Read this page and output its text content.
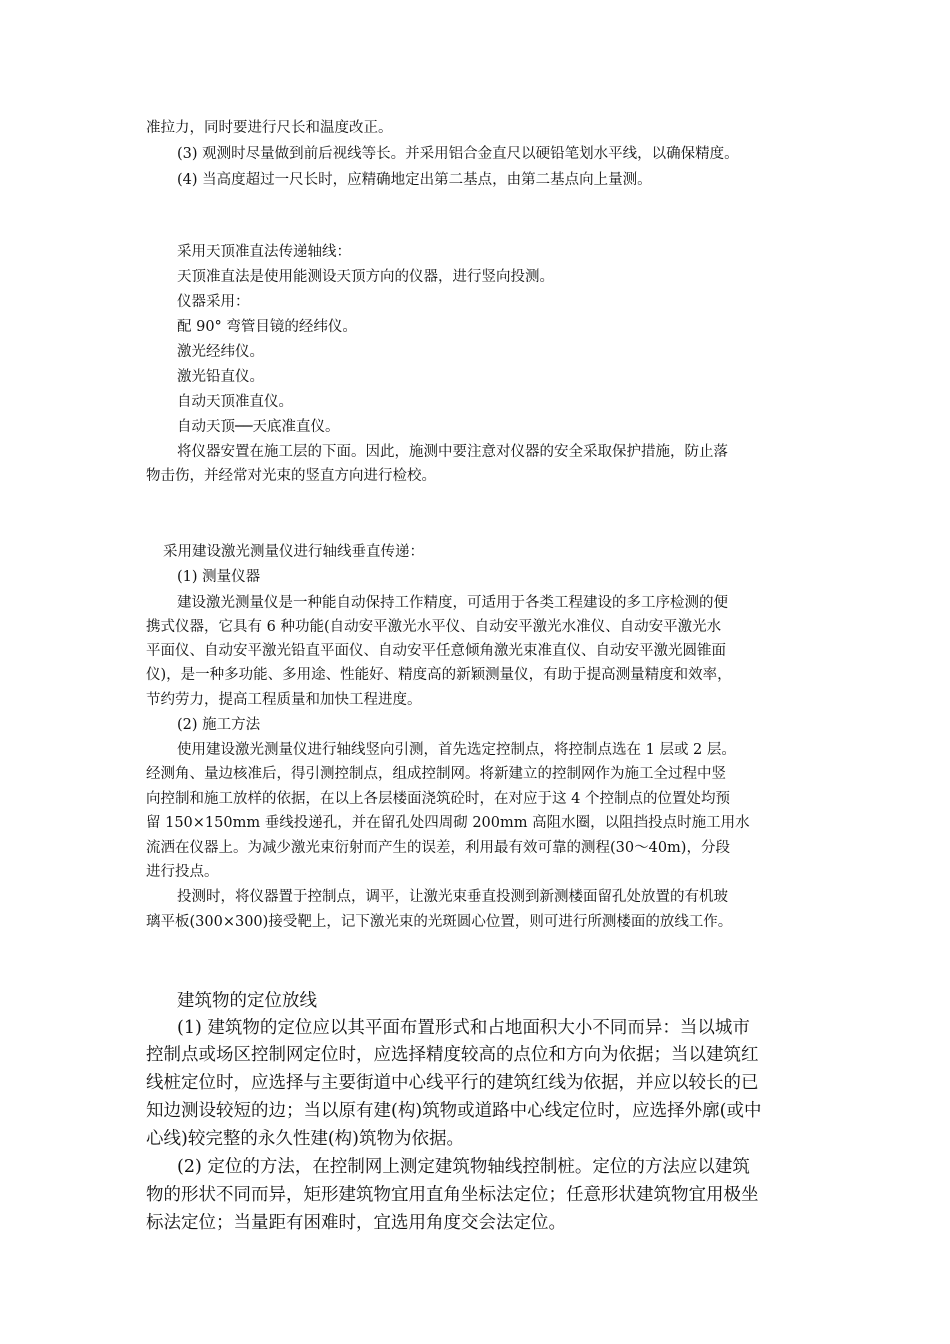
准拉力，同时要进行尺长和温度改正。
(3) 观测时尽量做到前后视线等长。并采用铝合金直尺以硬铅笔划水平线，以确保精度。
(4) 当高度超过一尺长时，应精确地定出第二基点，由第二基点向上量测。
采用天顶准直法传递轴线：
天顶准直法是使用能测设天顶方向的仪器，进行竖向投测。
仪器采用：
配 90° 弯管目镜的经纬仪。
激光经纬仪。
激光铅直仪。
自动天顶准直仪。
自动天顶──天底准直仪。
将仪器安置在施工层的下面。因此，施测中要注意对仪器的安全采取保护措施，防止落
物击伤，并经常对光束的竖直方向进行检校。
采用建设激光测量仪进行轴线垂直传递：
(1) 测量仪器
建设激光测量仪是一种能自动保持工作精度，可适用于各类工程建设的多工序检测的便
携式仪器，它具有 6 种功能(自动安平激光水平仪、自动安平激光水准仪、自动安平激光水
平面仪、自动安平激光铅直平面仪、自动安平任意倾角激光束准直仪、自动安平激光圆锥面
仪)，是一种多功能、多用途、性能好、精度高的新颖测量仪，有助于提高测量精度和效率，
节约劳力，提高工程质量和加快工程进度。
(2) 施工方法
使用建设激光测量仪进行轴线竖向引测，首先选定控制点，将控制点选在 1 层或 2 层。
经测角、量边核准后，得引测控制点，组成控制网。将新建立的控制网作为施工全过程中竖
向控制和施工放样的依据，在以上各层楼面浇筑砼时，在对应于这 4 个控制点的位置处均预
留 150×150mm 垂线投递孔，并在留孔处四周砌 200mm 高阻水圈，以阻挡投点时施工用水
流洒在仪器上。为减少激光束衍射而产生的误差，利用最有效可靠的测程(30～40m)，分段
进行投点。
投测时，将仪器置于控制点，调平，让激光束垂直投测到新测楼面留孔处放置的有机玻
璃平板(300×300)接受靶上，记下激光束的光斑圆心位置，则可进行所测楼面的放线工作。
建筑物的定位放线
(1) 建筑物的定位应以其平面布置形式和占地面积大小不同而异：当以城市
控制点或场区控制网定位时，应选择精度较高的点位和方向为依据；当以建筑红
线桩定位时，应选择与主要街道中心线平行的建筑红线为依据，并应以较长的已
知边测设较短的边；当以原有建(构)筑物或道路中心线定位时，应选择外廓(或中
心线)较完整的永久性建(构)筑物为依据。
(2) 定位的方法，在控制网上测定建筑物轴线控制桩。定位的方法应以建筑
物的形状不同而异，矩形建筑物宜用直角坐标法定位；任意形状建筑物宜用极坐
标法定位；当量距有困难时，宜选用角度交会法定位。
